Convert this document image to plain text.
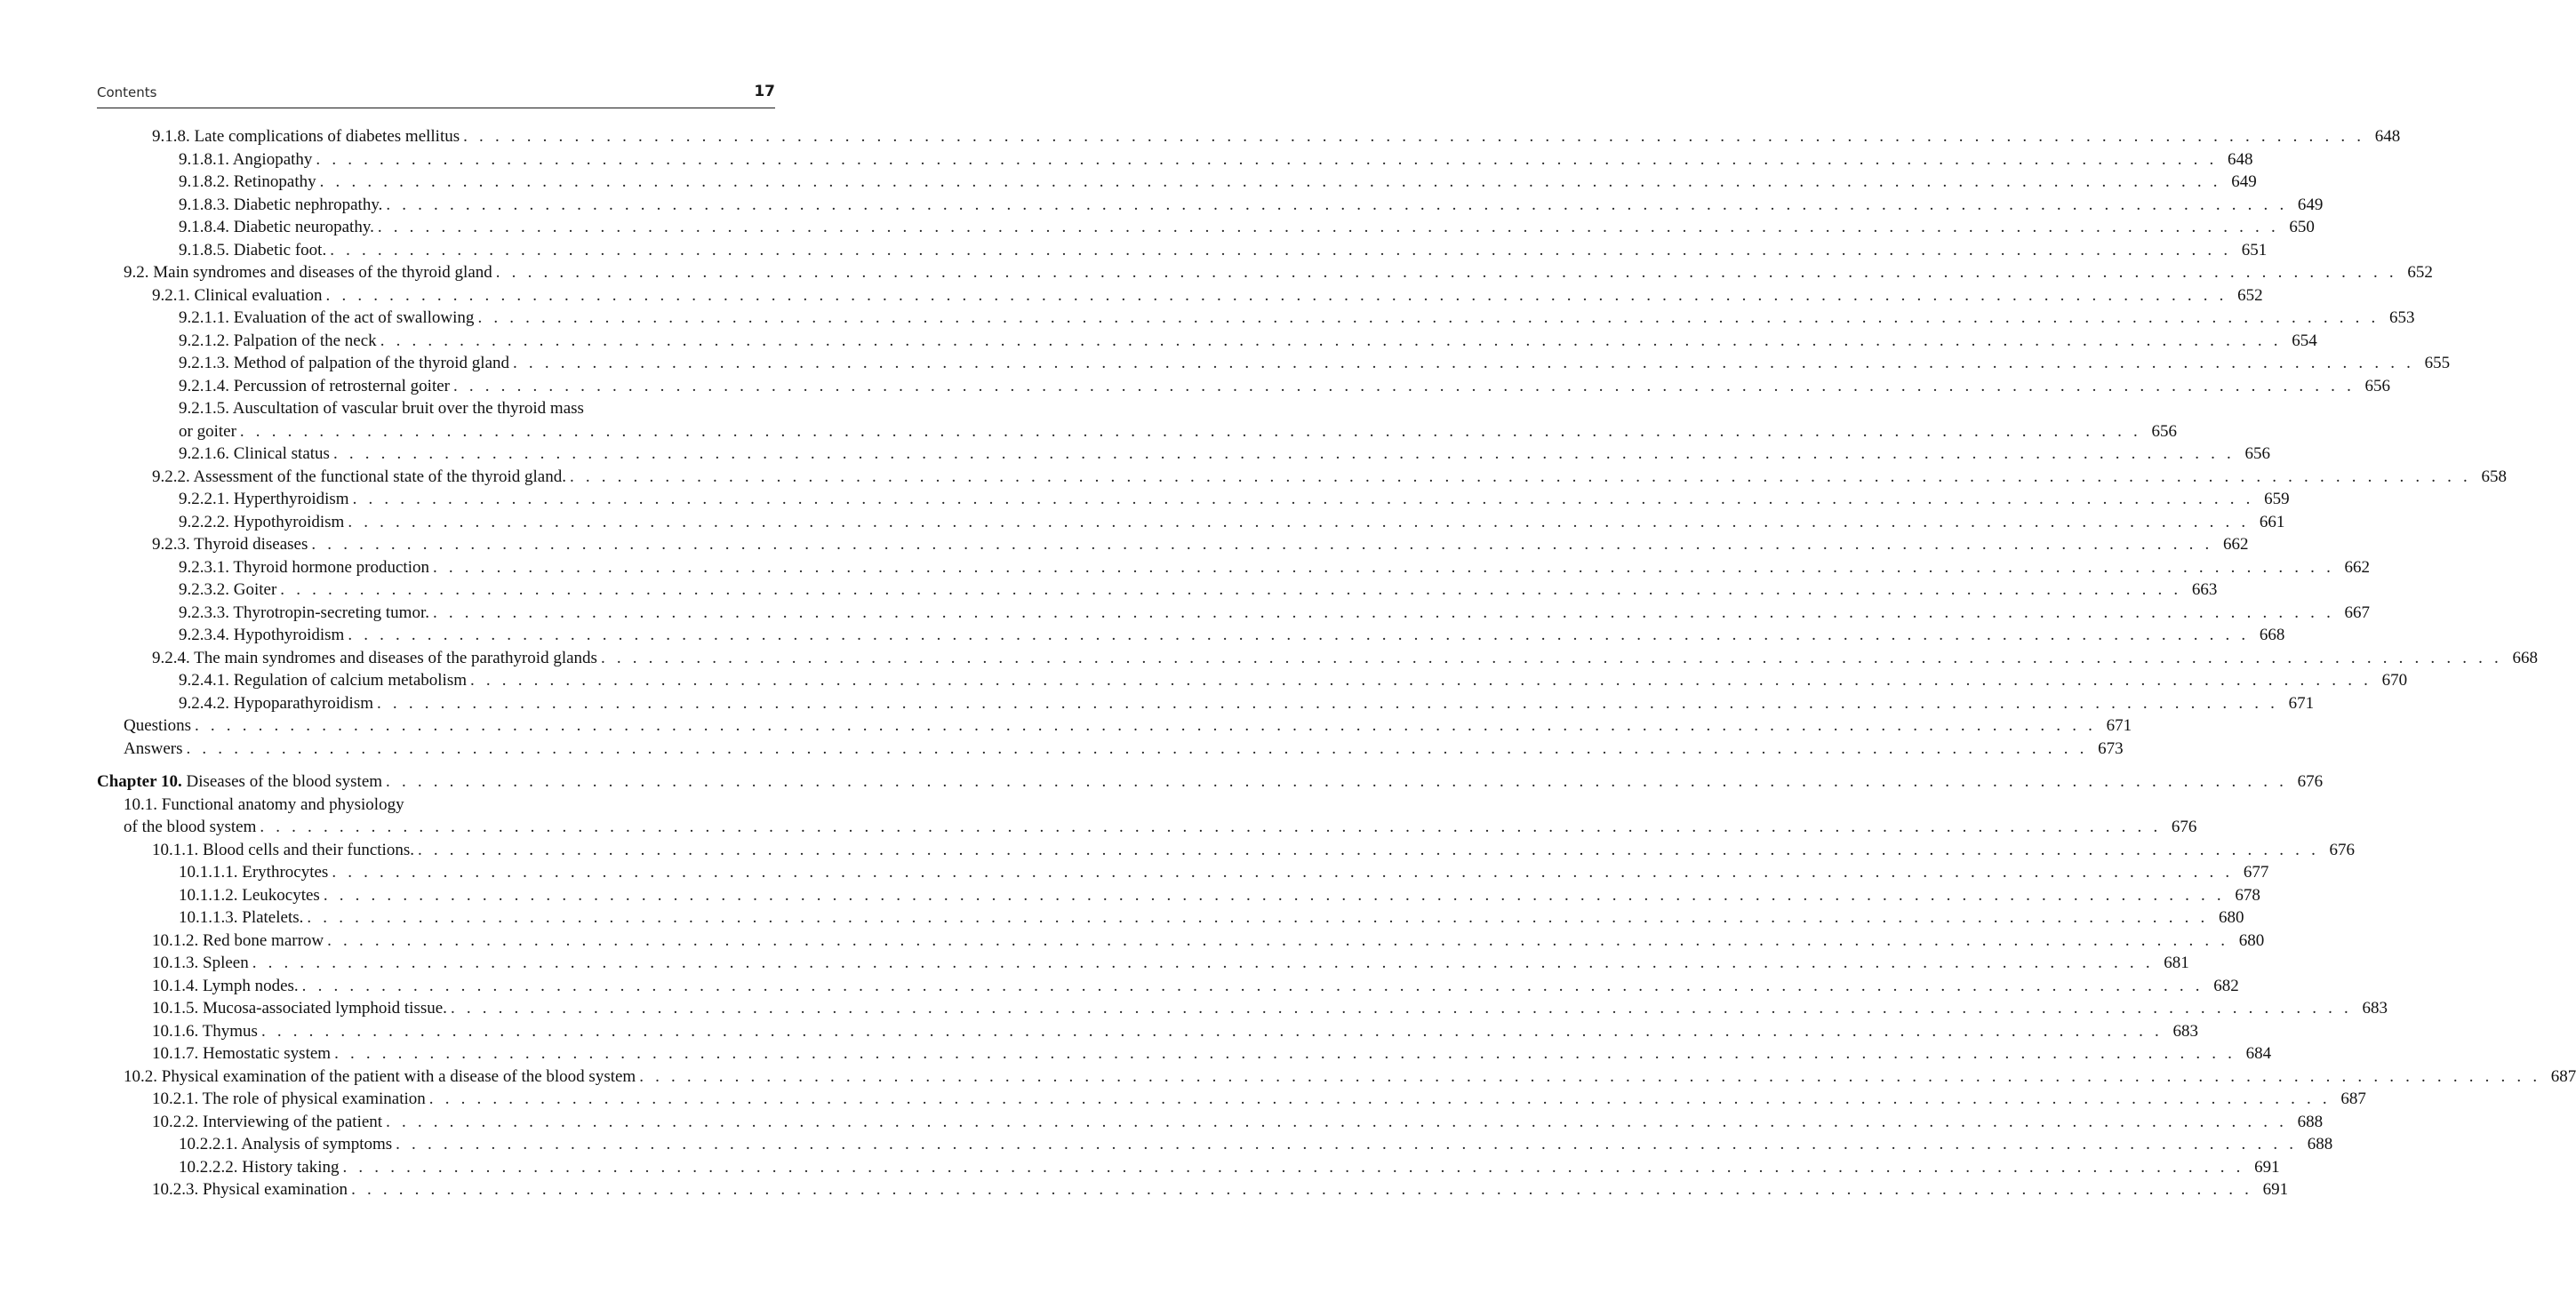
Contents	17
9.1.8. Late complications of diabetes mellitus . . . . . . . . . . . . . . . . . . . . . . . . . . . . . . . . . . . . . . . . . . . . . . . . . . . . . . . . . . . . . . . . . . . . . . . . . . . . . . . . . . . . . . . . . . . . . . . . . . . . . . . . . . . . . . . . . . . . . . . . 648
9.1.8.1. Angiopathy . . . . . . . . . . . . . . . . . . . . . . . . . . . . . . . . . . . . . . . . . . . . . . . . . . . . . . . . . . . . . . . . . . . . . . . . . . . . . . . . . . . . . . . . . . . . . . . . . . . . . . . . . . . . . . . . . . . . . . . . 648
9.1.8.2. Retinopathy . . . . . . . . . . . . . . . . . . . . . . . . . . . . . . . . . . . . . . . . . . . . . . . . . . . . . . . . . . . . . . . . . . . . . . . . . . . . . . . . . . . . . . . . . . . . . . . . . . . . . . . . . . . . . . . . . . . . . . . . 649
9.1.8.3. Diabetic nephropathy. . . . . . . . . . . . . . . . . . . . . . . . . . . . . . . . . . . . . . . . . . . . . . . . . . . . . . . . . . . . . . . . . . . . . . . . . . . . . . . . . . . . . . . . . . . . . . . . . . . . . . . . . . . . . . . . . . . . . . . . . 649
9.1.8.4. Diabetic neuropathy. . . . . . . . . . . . . . . . . . . . . . . . . . . . . . . . . . . . . . . . . . . . . . . . . . . . . . . . . . . . . . . . . . . . . . . . . . . . . . . . . . . . . . . . . . . . . . . . . . . . . . . . . . . . . . . . . . . . . . . . . 650
9.1.8.5. Diabetic foot. . . . . . . . . . . . . . . . . . . . . . . . . . . . . . . . . . . . . . . . . . . . . . . . . . . . . . . . . . . . . . . . . . . . . . . . . . . . . . . . . . . . . . . . . . . . . . . . . . . . . . . . . . . . . . . . . . . . . . . . . 651
9.2. Main syndromes and diseases of the thyroid gland . . . . . . . . . . . . . . . . . . . . . . . . . . . . . . . . . . . . . . . . . . . . . . . . . . . . . . . . . . . . . . . . . . . . . . . . . . . . . . . . . . . . . . . . . . . . . . . . . . . . . . . . . . . . . . . . . . . . . . . . 652
9.2.1. Clinical evaluation . . . . . . . . . . . . . . . . . . . . . . . . . . . . . . . . . . . . . . . . . . . . . . . . . . . . . . . . . . . . . . . . . . . . . . . . . . . . . . . . . . . . . . . . . . . . . . . . . . . . . . . . . . . . . . . . . . . . . . . . 652
9.2.1.1. Evaluation of the act of swallowing . . . . . . . . . . . . . . . . . . . . . . . . . . . . . . . . . . . . . . . . . . . . . . . . . . . . . . . . . . . . . . . . . . . . . . . . . . . . . . . . . . . . . . . . . . . . . . . . . . . . . . . . . . . . . . . . . . . . . . . . 653
9.2.1.2. Palpation of the neck . . . . . . . . . . . . . . . . . . . . . . . . . . . . . . . . . . . . . . . . . . . . . . . . . . . . . . . . . . . . . . . . . . . . . . . . . . . . . . . . . . . . . . . . . . . . . . . . . . . . . . . . . . . . . . . . . . . . . . . . 654
9.2.1.3. Method of palpation of the thyroid gland . . . . . . . . . . . . . . . . . . . . . . . . . . . . . . . . . . . . . . . . . . . . . . . . . . . . . . . . . . . . . . . . . . . . . . . . . . . . . . . . . . . . . . . . . . . . . . . . . . . . . . . . . . . . . . . . . . . . . . . . 655
9.2.1.4. Percussion of retrosternal goiter . . . . . . . . . . . . . . . . . . . . . . . . . . . . . . . . . . . . . . . . . . . . . . . . . . . . . . . . . . . . . . . . . . . . . . . . . . . . . . . . . . . . . . . . . . . . . . . . . . . . . . . . . . . . . . . . . . . . . . . . 656
9.2.1.5. Auscultation of vascular bruit over the thyroid mass
or goiter . . . . . . . . . . . . . . . . . . . . . . . . . . . . . . . . . . . . . . . . . . . . . . . . . . . . . . . . . . . . . . . . . . . . . . . . . . . . . . . . . . . . . . . . . . . . . . . . . . . . . . . . . . . . . . . . . . . . . . . . 656
9.2.1.6. Clinical status . . . . . . . . . . . . . . . . . . . . . . . . . . . . . . . . . . . . . . . . . . . . . . . . . . . . . . . . . . . . . . . . . . . . . . . . . . . . . . . . . . . . . . . . . . . . . . . . . . . . . . . . . . . . . . . . . . . . . . . . 656
9.2.2. Assessment of the functional state of the thyroid gland. . . . . . . . . . . . . . . . . . . . . . . . . . . . . . . . . . . . . . . . . . . . . . . . . . . . . . . . . . . . . . . . . . . . . . . . . . . . . . . . . . . . . . . . . . . . . . . . . . . . . . . . . . . . . . . . . . . . . . . . . 658
9.2.2.1. Hyperthyroidism . . . . . . . . . . . . . . . . . . . . . . . . . . . . . . . . . . . . . . . . . . . . . . . . . . . . . . . . . . . . . . . . . . . . . . . . . . . . . . . . . . . . . . . . . . . . . . . . . . . . . . . . . . . . . . . . . . . . . . . . 659
9.2.2.2. Hypothyroidism . . . . . . . . . . . . . . . . . . . . . . . . . . . . . . . . . . . . . . . . . . . . . . . . . . . . . . . . . . . . . . . . . . . . . . . . . . . . . . . . . . . . . . . . . . . . . . . . . . . . . . . . . . . . . . . . . . . . . . . . 661
9.2.3. Thyroid diseases . . . . . . . . . . . . . . . . . . . . . . . . . . . . . . . . . . . . . . . . . . . . . . . . . . . . . . . . . . . . . . . . . . . . . . . . . . . . . . . . . . . . . . . . . . . . . . . . . . . . . . . . . . . . . . . . . . . . . . . . 662
9.2.3.1. Thyroid hormone production . . . . . . . . . . . . . . . . . . . . . . . . . . . . . . . . . . . . . . . . . . . . . . . . . . . . . . . . . . . . . . . . . . . . . . . . . . . . . . . . . . . . . . . . . . . . . . . . . . . . . . . . . . . . . . . . . . . . . . . . 662
9.2.3.2. Goiter . . . . . . . . . . . . . . . . . . . . . . . . . . . . . . . . . . . . . . . . . . . . . . . . . . . . . . . . . . . . . . . . . . . . . . . . . . . . . . . . . . . . . . . . . . . . . . . . . . . . . . . . . . . . . . . . . . . . . . . . 663
9.2.3.3. Thyrotropin-secreting tumor. . . . . . . . . . . . . . . . . . . . . . . . . . . . . . . . . . . . . . . . . . . . . . . . . . . . . . . . . . . . . . . . . . . . . . . . . . . . . . . . . . . . . . . . . . . . . . . . . . . . . . . . . . . . . . . . . . . . . . . . . 667
9.2.3.4. Hypothyroidism . . . . . . . . . . . . . . . . . . . . . . . . . . . . . . . . . . . . . . . . . . . . . . . . . . . . . . . . . . . . . . . . . . . . . . . . . . . . . . . . . . . . . . . . . . . . . . . . . . . . . . . . . . . . . . . . . . . . . . . . 668
9.2.4. The main syndromes and diseases of the parathyroid glands . . . . . . . . . . . . . . . . . . . . . . . . . . . . . . . . . . . . . . . . . . . . . . . . . . . . . . . . . . . . . . . . . . . . . . . . . . . . . . . . . . . . . . . . . . . . . . . . . . . . . . . . . . . . . . . . . . . . . . . . 668
9.2.4.1. Regulation of calcium metabolism . . . . . . . . . . . . . . . . . . . . . . . . . . . . . . . . . . . . . . . . . . . . . . . . . . . . . . . . . . . . . . . . . . . . . . . . . . . . . . . . . . . . . . . . . . . . . . . . . . . . . . . . . . . . . . . . . . . . . . . . 670
9.2.4.2. Hypoparathyroidism . . . . . . . . . . . . . . . . . . . . . . . . . . . . . . . . . . . . . . . . . . . . . . . . . . . . . . . . . . . . . . . . . . . . . . . . . . . . . . . . . . . . . . . . . . . . . . . . . . . . . . . . . . . . . . . . . . . . . . . . 671
Questions . . . . . . . . . . . . . . . . . . . . . . . . . . . . . . . . . . . . . . . . . . . . . . . . . . . . . . . . . . . . . . . . . . . . . . . . . . . . . . . . . . . . . . . . . . . . . . . . . . . . . . . . . . . . . . . . . . . . . . . . 671
Answers . . . . . . . . . . . . . . . . . . . . . . . . . . . . . . . . . . . . . . . . . . . . . . . . . . . . . . . . . . . . . . . . . . . . . . . . . . . . . . . . . . . . . . . . . . . . . . . . . . . . . . . . . . . . . . . . . . . . . . . . 673
Chapter 10. Diseases of the blood system . . . . . . . . . . . . . . . . . . . . . . . . . . . . . . . . . . . . . . . . . . . . . . . . . . . . . . . . . . . . . . . . . . . . . . . . . . . . . . . . . . . . . . . . . . . . . . . . . . . . . . . . . . . . . . . . . . . . . . . . 676
10.1. Functional anatomy and physiology
of the blood system . . . . . . . . . . . . . . . . . . . . . . . . . . . . . . . . . . . . . . . . . . . . . . . . . . . . . . . . . . . . . . . . . . . . . . . . . . . . . . . . . . . . . . . . . . . . . . . . . . . . . . . . . . . . . . . . . . . . . . . . 676
10.1.1. Blood cells and their functions. . . . . . . . . . . . . . . . . . . . . . . . . . . . . . . . . . . . . . . . . . . . . . . . . . . . . . . . . . . . . . . . . . . . . . . . . . . . . . . . . . . . . . . . . . . . . . . . . . . . . . . . . . . . . . . . . . . . . . . . . 676
10.1.1.1. Erythrocytes . . . . . . . . . . . . . . . . . . . . . . . . . . . . . . . . . . . . . . . . . . . . . . . . . . . . . . . . . . . . . . . . . . . . . . . . . . . . . . . . . . . . . . . . . . . . . . . . . . . . . . . . . . . . . . . . . . . . . . . . 677
10.1.1.2. Leukocytes . . . . . . . . . . . . . . . . . . . . . . . . . . . . . . . . . . . . . . . . . . . . . . . . . . . . . . . . . . . . . . . . . . . . . . . . . . . . . . . . . . . . . . . . . . . . . . . . . . . . . . . . . . . . . . . . . . . . . . . . 678
10.1.1.3. Platelets. . . . . . . . . . . . . . . . . . . . . . . . . . . . . . . . . . . . . . . . . . . . . . . . . . . . . . . . . . . . . . . . . . . . . . . . . . . . . . . . . . . . . . . . . . . . . . . . . . . . . . . . . . . . . . . . . . . . . . . . . 680
10.1.2. Red bone marrow . . . . . . . . . . . . . . . . . . . . . . . . . . . . . . . . . . . . . . . . . . . . . . . . . . . . . . . . . . . . . . . . . . . . . . . . . . . . . . . . . . . . . . . . . . . . . . . . . . . . . . . . . . . . . . . . . . . . . . . . 680
10.1.3. Spleen . . . . . . . . . . . . . . . . . . . . . . . . . . . . . . . . . . . . . . . . . . . . . . . . . . . . . . . . . . . . . . . . . . . . . . . . . . . . . . . . . . . . . . . . . . . . . . . . . . . . . . . . . . . . . . . . . . . . . . . . 681
10.1.4. Lymph nodes. . . . . . . . . . . . . . . . . . . . . . . . . . . . . . . . . . . . . . . . . . . . . . . . . . . . . . . . . . . . . . . . . . . . . . . . . . . . . . . . . . . . . . . . . . . . . . . . . . . . . . . . . . . . . . . . . . . . . . . . . 682
10.1.5. Mucosa-associated lymphoid tissue. . . . . . . . . . . . . . . . . . . . . . . . . . . . . . . . . . . . . . . . . . . . . . . . . . . . . . . . . . . . . . . . . . . . . . . . . . . . . . . . . . . . . . . . . . . . . . . . . . . . . . . . . . . . . . . . . . . . . . . . . 683
10.1.6. Thymus . . . . . . . . . . . . . . . . . . . . . . . . . . . . . . . . . . . . . . . . . . . . . . . . . . . . . . . . . . . . . . . . . . . . . . . . . . . . . . . . . . . . . . . . . . . . . . . . . . . . . . . . . . . . . . . . . . . . . . . . 683
10.1.7. Hemostatic system . . . . . . . . . . . . . . . . . . . . . . . . . . . . . . . . . . . . . . . . . . . . . . . . . . . . . . . . . . . . . . . . . . . . . . . . . . . . . . . . . . . . . . . . . . . . . . . . . . . . . . . . . . . . . . . . . . . . . . . . 684
10.2. Physical examination of the patient with a disease of the blood system . . . . . . . . . . . . . . . . . . . . . . . . . . . . . . . . . . . . . . . . . . . . . . . . . . . . . . . . . . . . . . . . . . . . . . . . . . . . . . . . . . . . . . . . . . . . . . . . . . . . . . . . . . . . . . . . . . . . . . . . 687
10.2.1. The role of physical examination . . . . . . . . . . . . . . . . . . . . . . . . . . . . . . . . . . . . . . . . . . . . . . . . . . . . . . . . . . . . . . . . . . . . . . . . . . . . . . . . . . . . . . . . . . . . . . . . . . . . . . . . . . . . . . . . . . . . . . . . 687
10.2.2. Interviewing of the patient . . . . . . . . . . . . . . . . . . . . . . . . . . . . . . . . . . . . . . . . . . . . . . . . . . . . . . . . . . . . . . . . . . . . . . . . . . . . . . . . . . . . . . . . . . . . . . . . . . . . . . . . . . . . . . . . . . . . . . . . 688
10.2.2.1. Analysis of symptoms . . . . . . . . . . . . . . . . . . . . . . . . . . . . . . . . . . . . . . . . . . . . . . . . . . . . . . . . . . . . . . . . . . . . . . . . . . . . . . . . . . . . . . . . . . . . . . . . . . . . . . . . . . . . . . . . . . . . . . . . 688
10.2.2.2. History taking . . . . . . . . . . . . . . . . . . . . . . . . . . . . . . . . . . . . . . . . . . . . . . . . . . . . . . . . . . . . . . . . . . . . . . . . . . . . . . . . . . . . . . . . . . . . . . . . . . . . . . . . . . . . . . . . . . . . . . . . 691
10.2.3. Physical examination . . . . . . . . . . . . . . . . . . . . . . . . . . . . . . . . . . . . . . . . . . . . . . . . . . . . . . . . . . . . . . . . . . . . . . . . . . . . . . . . . . . . . . . . . . . . . . . . . . . . . . . . . . . . . . . . . . . . . . . . 691
